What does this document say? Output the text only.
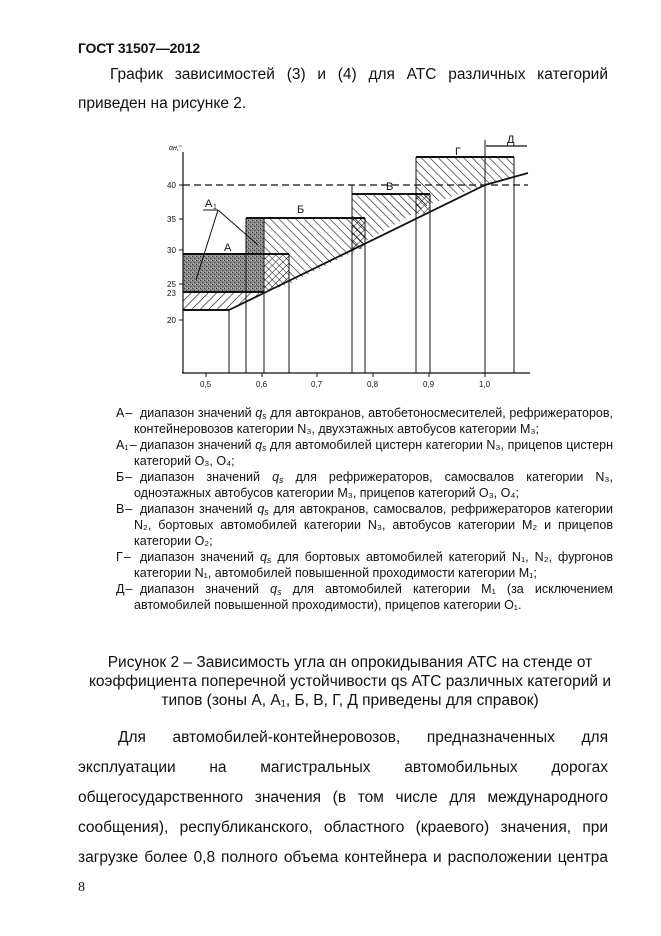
ГОСТ 31507—2012
График зависимостей (3) и (4) для АТС различных категорий приведен на рисунке 2.
αн,°
40
35
30
25
23
20
0,5	0,6	0,7	0,8	0,9	1,0
А
А 1	Б
В
Г
Д
А – диапазон значений $q_s$ для автокранов, автобетоносмесителей, рефрижераторов, контейнеровозов категории N₃, двухэтажных автобусов категории M₃;
А₁ – диапазон значений $q_s$ для автомобилей цистерн категории N₃, прицепов цистерн категорий O₃, O₄;
Б – диапазон значений $q_s$ для рефрижераторов, самосвалов категории N₃, одноэтажных автобусов категории M₃, прицепов категорий O₃, O₄;
В – диапазон значений $q_s$ для автокранов, самосвалов, рефрижераторов категории N₂, бортовых автомобилей категории N₃, автобусов категории M₂ и прицепов категории O₂;
Г – диапазон значений $q_s$ для бортовых автомобилей категорий N₁, N₂, фургонов категории N₁, автомобилей повышенной проходимости категории M₁;
Д – диапазон значений $q_s$ для автомобилей категории M₁ (за исключением автомобилей повышенной проходимости), прицепов категории O₁.
Рисунок 2 – Зависимость угла αн опрокидывания АТС на стенде от
коэффициента поперечной устойчивости qs АТС различных категорий и
типов (зоны А, А₁, Б, В, Г, Д приведены для справок)
Для автомобилей-контейнеровозов, предназначенных для
эксплуатации на магистральных автомобильных дорогах
общегосударственного значения (в том числе для международного
сообщения), республиканского, областного (краевого) значения, при
загрузке более 0,8 полного объема контейнера и расположении центра
8
